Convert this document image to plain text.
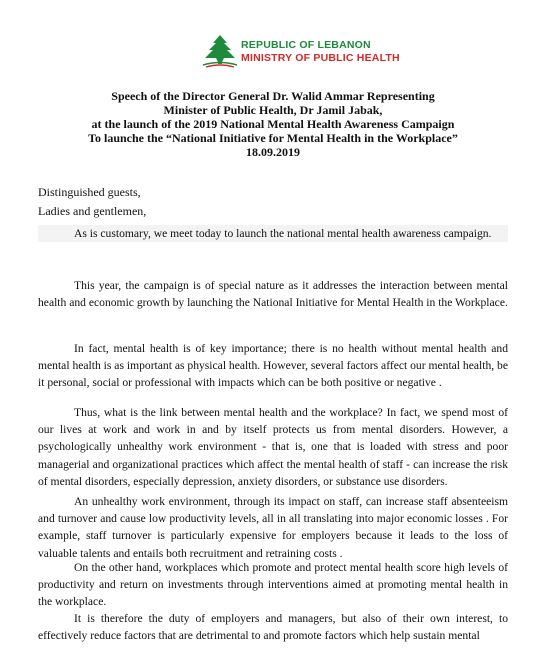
REPUBLIC OF LEBANON
MINISTRY OF PUBLIC HEALTH
Speech of the Director General Dr. Walid Ammar Representing
Minister of Public Health, Dr Jamil Jabak,
at the launch of the 2019 National Mental Health Awareness Campaign
To launche the “National Initiative for Mental Health in the Workplace”
18.09.2019
Distinguished guests,
Ladies and gentlemen,

As is customary, we meet today to launch the national mental health awareness campaign.

This year, the campaign is of special nature as it addresses the interaction between mental health and economic growth by launching the National Initiative for Mental Health in the Workplace.

In fact, mental health is of key importance; there is no health without mental health and mental health is as important as physical health. However, several factors affect our mental health, be it personal, social or professional with impacts which can be both positive or negative .

Thus, what is the link between mental health and the workplace? In fact, we spend most of our lives at work and work in and by itself protects us from mental disorders. However, a psychologically unhealthy work environment - that is, one that is loaded with stress and poor managerial and organizational practices which affect the mental health of staff - can increase the risk of mental disorders, especially depression, anxiety disorders, or substance use disorders.

An unhealthy work environment, through its impact on staff, can increase staff absenteeism and turnover and cause low productivity levels, all in all translating into major economic losses . For example, staff turnover is particularly expensive for employers because it leads to the loss of valuable talents and entails both recruitment and retraining costs .

On the other hand, workplaces which promote and protect mental health score high levels of productivity and return on investments through interventions aimed at promoting mental health in the workplace.

It is therefore the duty of employers and managers, but also of their own interest, to effectively reduce factors that are detrimental to and promote factors which help sustain mental
